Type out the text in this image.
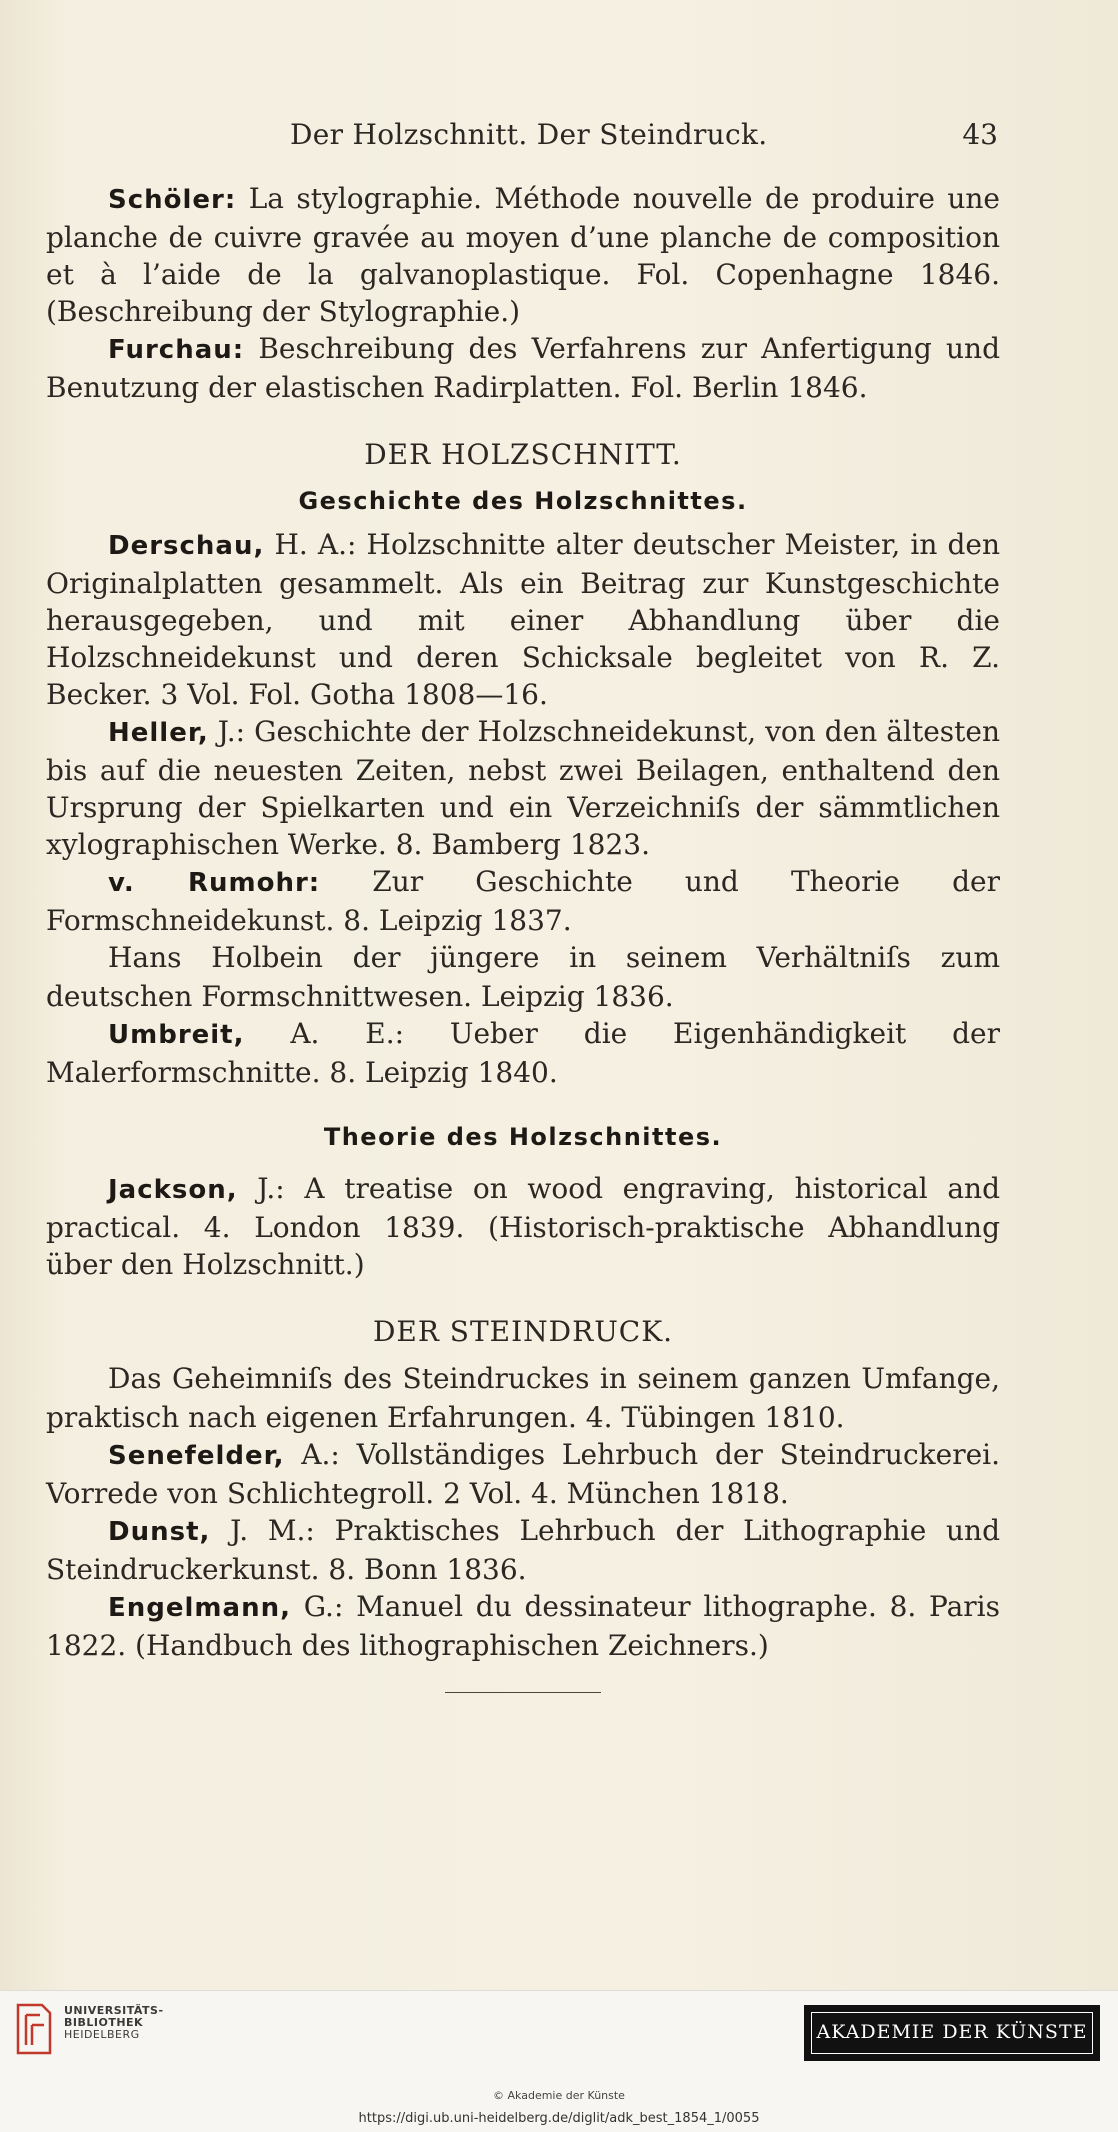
Der Holzschnitt. Der Steindruck.	43

Schöler: La stylographie. Méthode nouvelle de produire une planche de cuivre gravée au moyen d’une planche de composition et à l’aide de la galvanoplastique. Fol. Copenhagne 1846. (Beschreibung der Stylographie.)

Furchau: Beschreibung des Verfahrens zur Anfertigung und Benutzung der elastischen Radirplatten. Fol. Berlin 1846.

DER HOLZSCHNITT.
Geschichte des Holzschnittes.

Derschau, H. A.: Holzschnitte alter deutscher Meister, in den Originalplatten gesammelt. Als ein Beitrag zur Kunstgeschichte herausgegeben, und mit einer Abhandlung über die Holzschneidekunst und deren Schicksale begleitet von R. Z. Becker. 3 Vol. Fol. Gotha 1808—16.

Heller, J.: Geschichte der Holzschneidekunst, von den ältesten bis auf die neuesten Zeiten, nebst zwei Beilagen, enthaltend den Ursprung der Spielkarten und ein Verzeichniſs der sämmtlichen xylographischen Werke. 8. Bamberg 1823.

v. Rumohr: Zur Geschichte und Theorie der Formschneidekunst. 8. Leipzig 1837.

Hans Holbein der jüngere in seinem Verhältniſs zum deutschen Formschnittwesen. Leipzig 1836.

Umbreit, A. E.: Ueber die Eigenhändigkeit der Malerformschnitte. 8. Leipzig 1840.

Theorie des Holzschnittes.

Jackson, J.: A treatise on wood engraving, historical and practical. 4. London 1839. (Historisch-praktische Abhandlung über den Holzschnitt.)

DER STEINDRUCK.

Das Geheimniſs des Steindruckes in seinem ganzen Umfange, praktisch nach eigenen Erfahrungen. 4. Tübingen 1810.

Senefelder, A.: Vollständiges Lehrbuch der Steindruckerei. Vorrede von Schlichtegroll. 2 Vol. 4. München 1818.

Dunst, J. M.: Praktisches Lehrbuch der Lithographie und Steindruckerkunst. 8. Bonn 1836.

Engelmann, G.: Manuel du dessinateur lithographe. 8. Paris 1822. (Handbuch des lithographischen Zeichners.)

UNIVERSITÄTS-
BIBLIOTHEK
HEIDELBERG	AKADEMIE DER KÜNSTE
© Akademie der Künste
https://digi.ub.uni-heidelberg.de/diglit/adk_best_1854_1/0055
